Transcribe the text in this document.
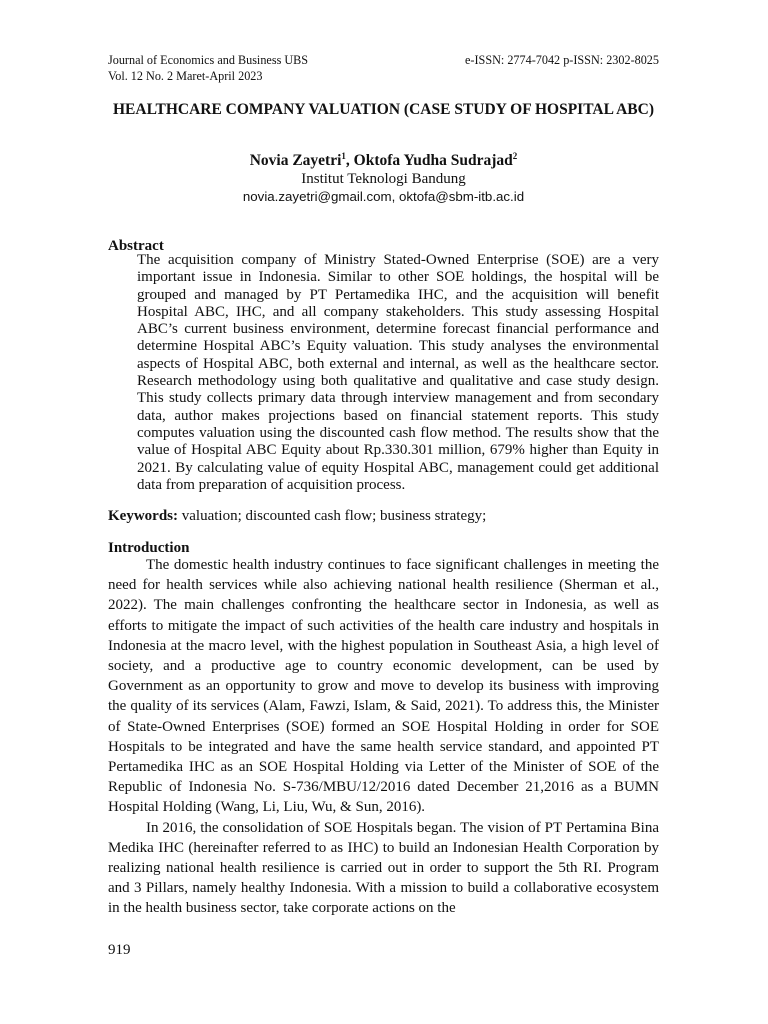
Journal of Economics and Business UBS	e-ISSN: 2774-7042 p-ISSN: 2302-8025
Vol. 12 No. 2 Maret-April 2023
HEALTHCARE COMPANY VALUATION (CASE STUDY OF HOSPITAL ABC)
Novia Zayetri$^1$, Oktofa Yudha Sudrajad$^2$
Institut Teknologi Bandung
novia.zayetri@gmail.com, oktofa@sbm-itb.ac.id
Abstract
The acquisition company of Ministry Stated-Owned Enterprise (SOE) are a very important issue in Indonesia. Similar to other SOE holdings, the hospital will be grouped and managed by PT Pertamedika IHC, and the acquisition will benefit Hospital ABC, IHC, and all company stakeholders. This study assessing Hospital ABC’s current business environment, determine forecast financial performance and determine Hospital ABC’s Equity valuation. This study analyses the environmental aspects of Hospital ABC, both external and internal, as well as the healthcare sector. Research methodology using both qualitative and qualitative and case study design. This study collects primary data through interview management and from secondary data, author makes projections based on financial statement reports. This study computes valuation using the discounted cash flow method. The results show that the value of Hospital ABC Equity about Rp.330.301 million, 679% higher than Equity in 2021. By calculating value of equity Hospital ABC, management could get additional data from preparation of acquisition process.
Keywords: valuation; discounted cash flow; business strategy;
Introduction

The domestic health industry continues to face significant challenges in meeting the need for health services while also achieving national health resilience (Sherman et al., 2022). The main challenges confronting the healthcare sector in Indonesia, as well as efforts to mitigate the impact of such activities of the health care industry and hospitals in Indonesia at the macro level, with the highest population in Southeast Asia, a high level of society, and a productive age to country economic development, can be used by Government as an opportunity to grow and move to develop its business with improving the quality of its services (Alam, Fawzi, Islam, & Said, 2021). To address this, the Minister of State-Owned Enterprises (SOE) formed an SOE Hospital Holding in order for SOE Hospitals to be integrated and have the same health service standard, and appointed PT Pertamedika IHC as an SOE Hospital Holding via Letter of the Minister of SOE of the Republic of Indonesia No. S-736/MBU/12/2016 dated December 21,2016 as a BUMN Hospital Holding (Wang, Li, Liu, Wu, & Sun, 2016).

In 2016, the consolidation of SOE Hospitals began. The vision of PT Pertamina Bina Medika IHC (hereinafter referred to as IHC) to build an Indonesian Health Corporation by realizing national health resilience is carried out in order to support the 5th RI. Program and 3 Pillars, namely healthy Indonesia. With a mission to build a collaborative ecosystem in the health business sector, take corporate actions on the

919
